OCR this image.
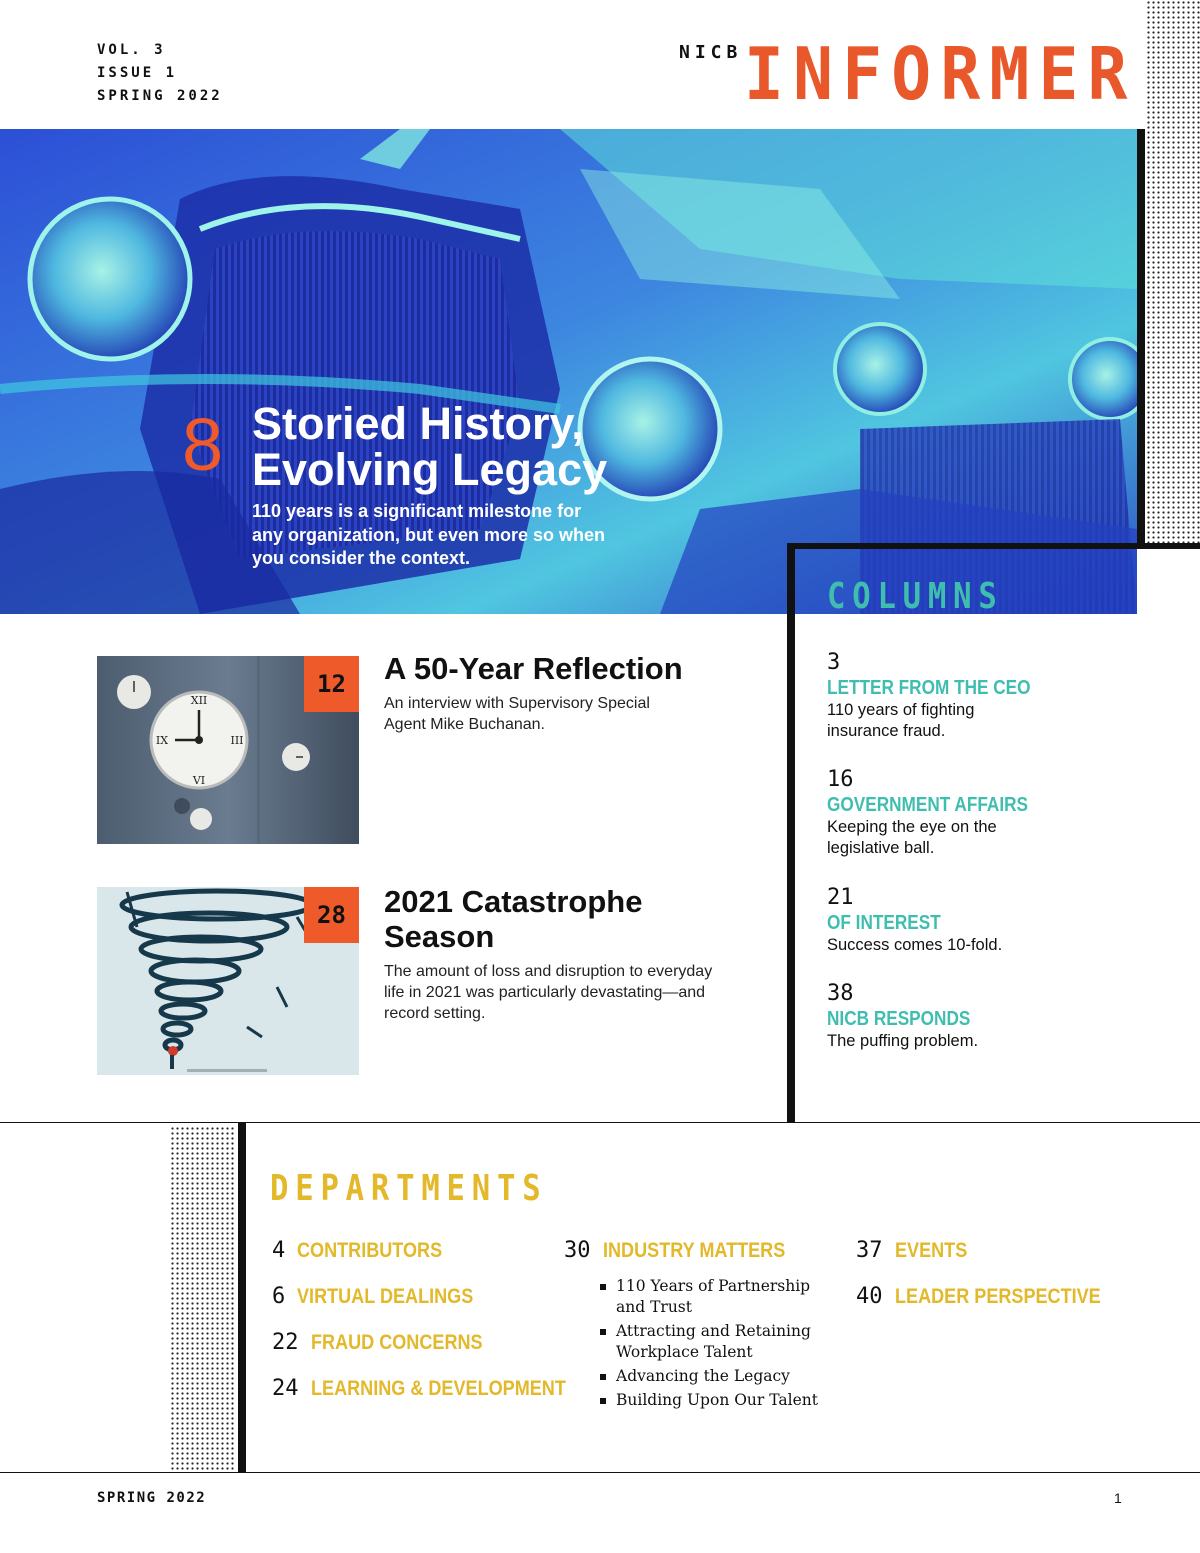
VOL. 3
ISSUE 1
SPRING 2022
NICB INFORMER
8 Storied History,
Evolving Legacy
110 years is a significant milestone for
any organization, but even more so when
you consider the context.
XII
III
VI
IX
12	A 50-Year Reflection
An interview with Supervisory Special
Agent Mike Buchanan.
28	2021 Catastrophe
Season
The amount of loss and disruption to everyday
life in 2021 was particularly devastating—and
record setting.
COLUMNS
3
LETTER FROM THE CEO
110 years of fighting
insurance fraud.
16
GOVERNMENT AFFAIRS
Keeping the eye on the
legislative ball.
21
OF INTEREST
Success comes 10-fold.
38
NICB RESPONDS
The puffing problem.
DEPARTMENTS
4 CONTRIBUTORS
6 VIRTUAL DEALINGS
22 FRAUD CONCERNS
24 LEARNING & DEVELOPMENT
30 INDUSTRY MATTERS
110 Years of Partnership
and Trust
Attracting and Retaining
Workplace Talent
Advancing the Legacy
Building Upon Our Talent
37 EVENTS
40 LEADER PERSPECTIVE
SPRING 2022	1
